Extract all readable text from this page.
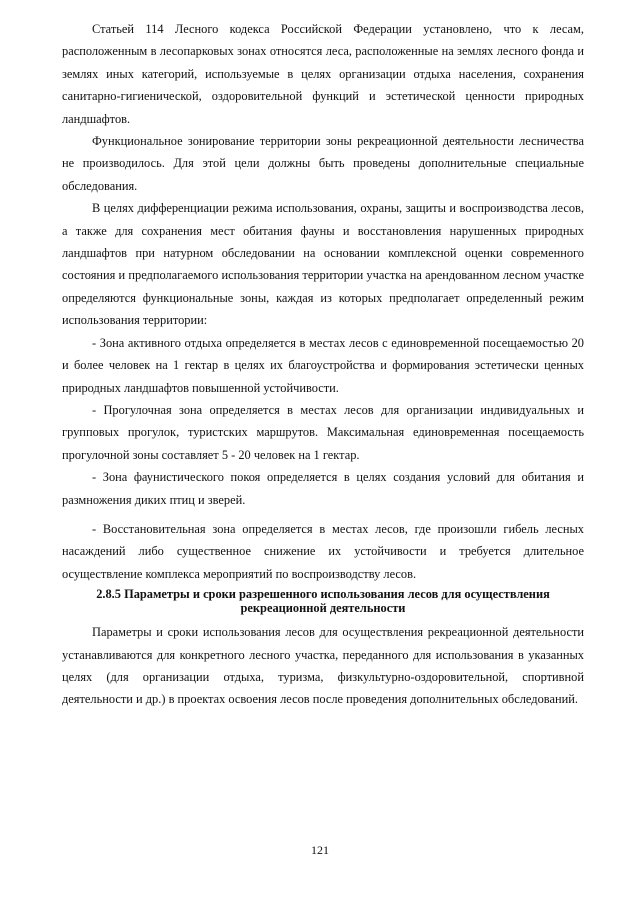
Статьей 114 Лесного кодекса Российской Федерации установлено, что к лесам, расположенным в лесопарковых зонах относятся леса, расположенные на землях лесного фонда и землях иных категорий, используемые в целях организации отдыха населения, сохранения санитарно-гигиенической, оздоровительной функций и эстетической ценности природных ландшафтов.

Функциональное зонирование территории зоны рекреационной деятельности лесничества не производилось. Для этой цели должны быть проведены дополнительные специальные обследования.

В целях дифференциации режима использования, охраны, защиты и воспроизводства лесов, а также для сохранения мест обитания фауны и восстановления нарушенных природных ландшафтов при натурном обследовании на основании комплексной оценки современного состояния и предполагаемого использования территории участка на арендованном лесном участке определяются функциональные зоны, каждая из которых предполагает определенный режим использования территории:

- Зона активного отдыха определяется в местах лесов с единовременной посещаемостью 20 и более человек на 1 гектар в целях их благоустройства и формирования эстетически ценных природных ландшафтов повышенной устойчивости.

- Прогулочная зона определяется в местах лесов для организации индивидуальных и групповых прогулок, туристских маршрутов. Максимальная единовременная посещаемость прогулочной зоны составляет 5 - 20 человек на 1 гектар.

- Зона фаунистического покоя определяется в целях создания условий для обитания и размножения диких птиц и зверей.

- Восстановительная зона определяется в местах лесов, где произошли гибель лесных насаждений либо существенное снижение их устойчивости и требуется длительное осуществление комплекса мероприятий по воспроизводству лесов.

2.8.5 Параметры и сроки разрешенного использования лесов для осуществления рекреационной деятельности

Параметры и сроки использования лесов для осуществления рекреационной деятельности устанавливаются для конкретного лесного участка, переданного для использования в указанных целях (для организации отдыха, туризма, физкультурно-оздоровительной, спортивной деятельности и др.) в проектах освоения лесов после проведения дополнительных обследований.

121
